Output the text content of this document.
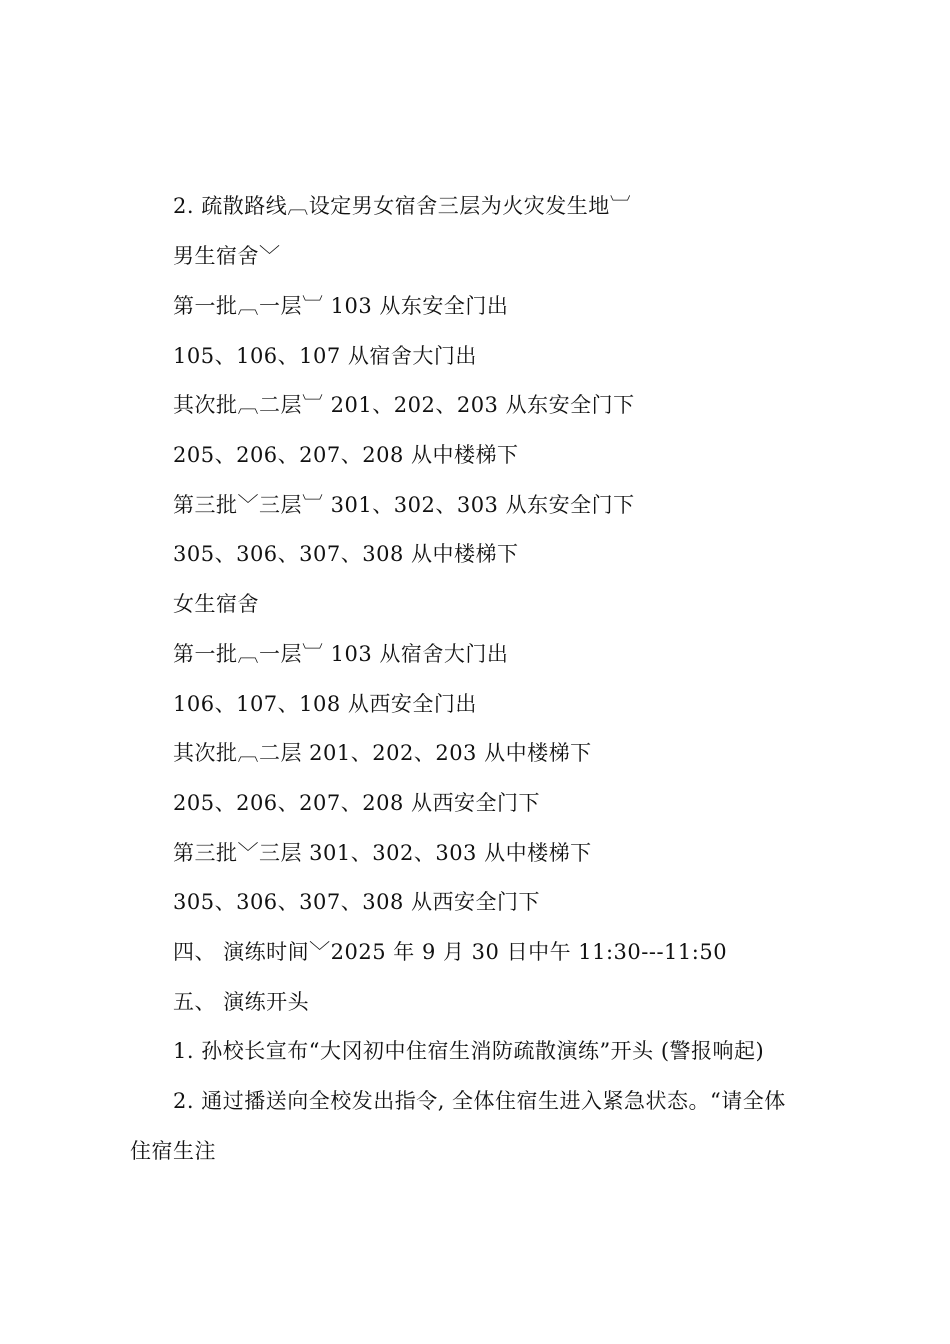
2. 疏散路线︹设定男女宿舍三层为火灾发生地︺
男生宿舍﹀
第一批︹一层︺ 103 从东安全门出
105、106、107 从宿舍大门出
其次批︹二层︺ 201、202、203 从东安全门下
205、206、207、208 从中楼梯下
第三批﹀三层︺ 301、302、303 从东安全门下
305、306、307、308 从中楼梯下
女生宿舍
第一批︹一层︺ 103 从宿舍大门出
106、107、108 从西安全门出
其次批︹二层 201、202、203 从中楼梯下
205、206、207、208 从西安全门下
第三批﹀三层 301、302、303 从中楼梯下
305、306、307、308 从西安全门下
四、 演练时间﹀2025 年 9 月 30 日中午 11:30---11:50
五、 演练开头
1. 孙校长宣布“大冈初中住宿生消防疏散演练”开头 (警报响起)
2. 通过播送向全校发出指令, 全体住宿生进入紧急状态。“请全体
住宿生注
